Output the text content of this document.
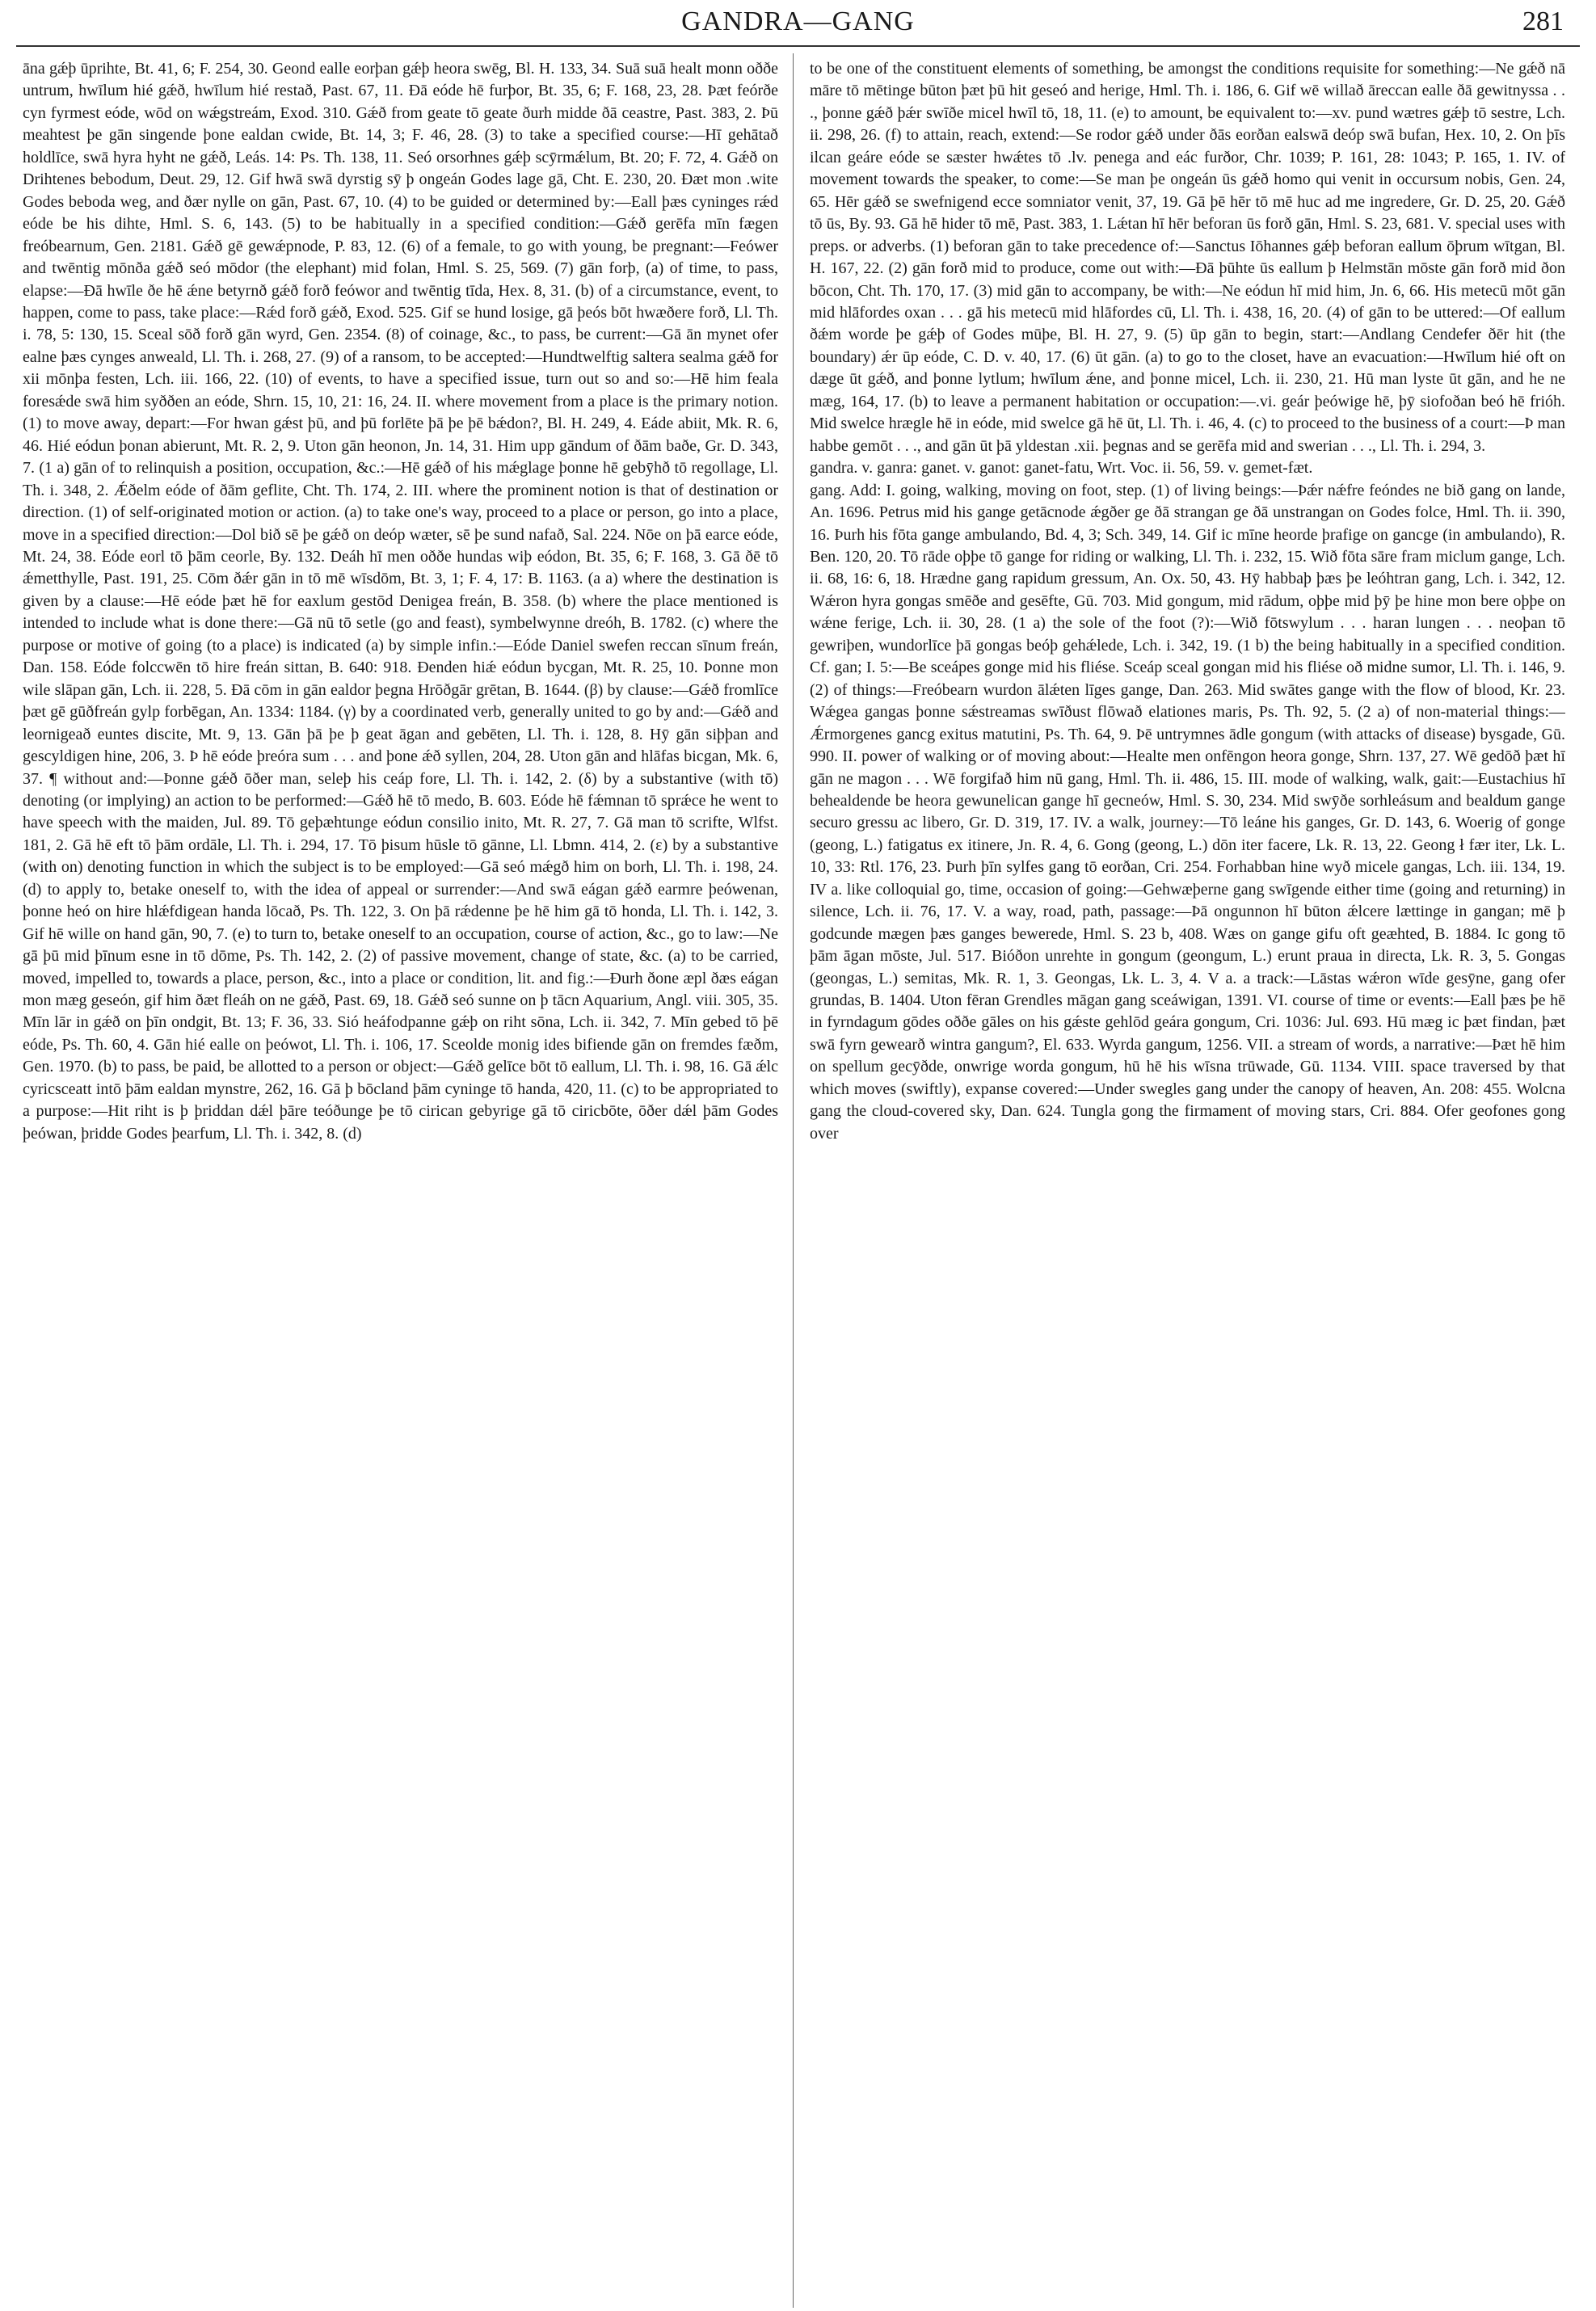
GANDRA—GANG	281

āna gǽþ ūprihte, Bt. 41, 6; F. 254, 30. Geond ealle eorþan gǽþ heora swēg, Bl. H. 133, 34. Suā suā healt monn oððe untrum, hwīlum hié gǽð, hwīlum hié restað, Past. 67, 11. Ðā eóde hē furþor, Bt. 35, 6; F. 168, 23, 28. Þæt feórðe cyn fyrmest eóde, wōd on wǽgstreám, Exod. 310. Gǽð from geate tō geate ðurh midde ðā ceastre, Past. 383, 2. Þū meahtest þe gān singende þone ealdan cwide, Bt. 14, 3; F. 46, 28. (3) to take a specified course:—Hī gehātað holdlīce, swā hyra hyht ne gǽð, Leás. 14: Ps. Th. 138, 11. Seó orsorhnes gǽþ scȳrmǽlum, Bt. 20; F. 72, 4. Gǽð on Drihtenes bebodum, Deut. 29, 12. Gif hwā swā dyrstig sȳ þ ongeán Godes lage gā, Cht. E. 230, 20. Ðæt mon .wite Godes beboda weg, and ðær nylle on gān, Past. 67, 10. (4) to be guided or determined by:—Eall þæs cyninges rǽd eóde be his dihte, Hml. S. 6, 143. (5) to be habitually in a specified condition:—Gǽð gerēfa mīn fægen freóbearnum, Gen. 2181. Gǽð gē gewǽpnode, P. 83, 12. (6) of a female, to go with young, be pregnant:—Feówer and twēntig mōnða gǽð seó mōdor (the elephant) mid folan, Hml. S. 25, 569. (7) gān forþ, (a) of time, to pass, elapse:—Ðā hwīle ðe hē ǽne betyrnð gǽð forð feówor and twēntig tīda, Hex. 8, 31. (b) of a circumstance, event, to happen, come to pass, take place:—Rǽd forð gǽð, Exod. 525. Gif se hund losige, gā þeós bōt hwæðere forð, Ll. Th. i. 78, 5: 130, 15. Sceal sōð forð gān wyrd, Gen. 2354. (8) of coinage, &c., to pass, be current:—Gā ān mynet ofer ealne þæs cynges anweald, Ll. Th. i. 268, 27. (9) of a ransom, to be accepted:—Hundtwelftig saltera sealma gǽð for xii mōnþa festen, Lch. iii. 166, 22. (10) of events, to have a specified issue, turn out so and so:—Hē him feala foresǽde swā him syððen an eóde, Shrn. 15, 10, 21: 16, 24. II. where movement from a place is the primary notion. (1) to move away, depart:—For hwan gǽst þū, and þū forlēte þā þe þē bǽdon?, Bl. H. 249, 4. Eáde abiit, Mk. R. 6, 46. Hié eódun þonan abierunt, Mt. R. 2, 9. Uton gān heonon, Jn. 14, 31. Him upp gāndum of ðām baðe, Gr. D. 343, 7. (1 a) gān of to relinquish a position, occupation, &c.:—Hē gǽð of his mǽglage þonne hē gebȳhð tō regollage, Ll. Th. i. 348, 2. Ǽðelm eóde of ðām geflite, Cht. Th. 174, 2. III. where the prominent notion is that of destination or direction. (1) of self-originated motion or action. (a) to take one's way, proceed to a place or person, go into a place, move in a specified direction:—Dol bið sē þe gǽð on deóp wæter, sē þe sund nafað, Sal. 224. Nōe on þā earce eóde, Mt. 24, 38. Eóde eorl tō þām ceorle, By. 132. Deáh hī men oððe hundas wiþ eódon, Bt. 35, 6; F. 168, 3. Gā ðē tō ǽmetthylle, Past. 191, 25. Cōm ðǽr gān in tō mē wīsdōm, Bt. 3, 1; F. 4, 17: B. 1163. (a a) where the destination is given by a clause:—Hē eóde þæt hē for eaxlum gestōd Denigea freán, B. 358. (b) where the place mentioned is intended to include what is done there:—Gā nū tō setle (go and feast), symbelwynne dreóh, B. 1782. (c) where the purpose or motive of going (to a place) is indicated (a) by simple infin.:—Eóde Daniel swefen reccan sīnum freán, Dan. 158. Eóde folccwēn tō hire freán sittan, B. 640: 918. Ðenden hiǽ eódun bycgan, Mt. R. 25, 10. Þonne mon wile slāpan gān, Lch. ii. 228, 5. Ðā cōm in gān ealdor þegna Hrōðgār grētan, B. 1644. (β) by clause:—Gǽð fromlīce þæt gē gūðfreán gylp forbēgan, An. 1334: 1184. (γ) by a coordinated verb, generally united to go by and:—Gǽð and leornigeað euntes discite, Mt. 9, 13. Gān þā þe þ geat āgan and gebēten, Ll. Th. i. 128, 8. Hȳ gān siþþan and gescyldigen hine, 206, 3. Þ hē eóde þreóra sum . . . and þone ǽð syllen, 204, 28. Uton gān and hlāfas bicgan, Mk. 6, 37. ¶ without and:—Þonne gǽð ōðer man, seleþ his ceáp fore, Ll. Th. i. 142, 2. (δ) by a substantive (with tō) denoting (or implying) an action to be performed:—Gǽð hē tō medo, B. 603. Eóde hē fǽmnan tō sprǽce he went to have speech with the maiden, Jul. 89. Tō geþæhtunge eódun consilio inito, Mt. R. 27, 7. Gā man tō scrifte, Wlfst. 181, 2. Gā hē eft tō þām ordāle, Ll. Th. i. 294, 17. Tō þisum hūsle tō gānne, Ll. Lbmn. 414, 2. (ε) by a substantive (with on) denoting function in which the subject is to be employed:—Gā seó mǽgð him on borh, Ll. Th. i. 198, 24. (d) to apply to, betake oneself to, with the idea of appeal or surrender:—And swā eágan gǽð earmre þeówenan, þonne heó on hire hlǽfdigean handa lōcað, Ps. Th. 122, 3. On þā rǽdenne þe hē him gā tō honda, Ll. Th. i. 142, 3. Gif hē wille on hand gān, 90, 7. (e) to turn to, betake oneself to an occupation, course of action, &c., go to law:—Ne gā þū mid þīnum esne in tō dōme, Ps. Th. 142, 2. (2) of passive movement, change of state, &c. (a) to be carried, moved, impelled to, towards a place, person, &c., into a place or condition, lit. and fig.:—Ðurh ðone æpl ðæs eágan mon mæg geseón, gif him ðæt fleáh on ne gǽð, Past. 69, 18. Gǽð seó sunne on þ tācn Aquarium, Angl. viii. 305, 35. Mīn lār in gǽð on þīn ondgit, Bt. 13; F. 36, 33. Sió heáfodpanne gǽþ on riht sōna, Lch. ii. 342, 7. Mīn gebed tō þē eóde, Ps. Th. 60, 4. Gān hié ealle on þeówot, Ll. Th. i. 106, 17. Sceolde monig ides bifiende gān on fremdes fæðm, Gen. 1970. (b) to pass, be paid, be allotted to a person or object:—Gǽð gelīce bōt tō eallum, Ll. Th. i. 98, 16. Gā ǽlc cyricsceatt intō þām ealdan mynstre, 262, 16. Gā þ bōcland þām cyninge tō handa, 420, 11. (c) to be appropriated to a purpose:—Hit riht is þ þriddan dǽl þāre teóðunge þe tō cirican gebyrige gā tō ciricbōte, ōðer dǽl þām Godes þeówan, þridde Godes þearfum, Ll. Th. i. 342, 8. (d)

to be one of the constituent elements of something, be amongst the conditions requisite for something:—Ne gǽð nā māre tō mētinge būton þæt þū hit geseó and herige, Hml. Th. i. 186, 6. Gif wē willað āreccan ealle ðā gewitnyssa . . ., þonne gǽð þǽr swīðe micel hwīl tō, 18, 11. (e) to amount, be equivalent to:—xv. pund wætres gǽþ tō sestre, Lch. ii. 298, 26. (f) to attain, reach, extend:—Se rodor gǽð under ðās eorðan ealswā deóp swā bufan, Hex. 10, 2. On þīs ilcan geáre eóde se sæster hwǽtes tō .lv. penega and eác furðor, Chr. 1039; P. 161, 28: 1043; P. 165, 1. IV. of movement towards the speaker, to come:—Se man þe ongeán ūs gǽð homo qui venit in occursum nobis, Gen. 24, 65. Hēr gǽð se swefnigend ecce somniator venit, 37, 19. Gā þē hēr tō mē huc ad me ingredere, Gr. D. 25, 20. Gǽð tō ūs, By. 93. Gā hē hider tō mē, Past. 383, 1. Lǽtan hī hēr beforan ūs forð gān, Hml. S. 23, 681. V. special uses with preps. or adverbs. (1) beforan gān to take precedence of:—Sanctus Iōhannes gǽþ beforan eallum ōþrum wītgan, Bl. H. 167, 22. (2) gān forð mid to produce, come out with:—Ðā þūhte ūs eallum þ Helmstān mōste gān forð mid ðon bōcon, Cht. Th. 170, 17. (3) mid gān to accompany, be with:—Ne eódun hī mid him, Jn. 6, 66. His metecū mōt gān mid hlāfordes oxan . . . gā his metecū mid hlāfordes cū, Ll. Th. i. 438, 16, 20. (4) of gān to be uttered:—Of eallum ðǽm worde þe gǽþ of Godes mūþe, Bl. H. 27, 9. (5) ūp gān to begin, start:—Andlang Cendefer ðēr hit (the boundary) ǽr ūp eóde, C. D. v. 40, 17. (6) ūt gān. (a) to go to the closet, have an evacuation:—Hwīlum hié oft on dæge ūt gǽð, and þonne lytlum; hwīlum ǽne, and þonne micel, Lch. ii. 230, 21. Hū man lyste ūt gān, and he ne mæg, 164, 17. (b) to leave a permanent habitation or occupation:—.vi. geár þeówige hē, þȳ siofoðan beó hē frióh. Mid swelce hrægle hē in eóde, mid swelce gā hē ūt, Ll. Th. i. 46, 4. (c) to proceed to the business of a court:—Þ man habbe gemōt . . ., and gān ūt þā yldestan .xii. þegnas and se gerēfa mid and swerian . . ., Ll. Th. i. 294, 3.

gandra. v. ganra: ganet. v. ganot: ganet-fatu, Wrt. Voc. ii. 56, 59. v. gemet-fæt.

gang. Add: I. going, walking, moving on foot, step. (1) of living beings:—Þǽr nǽfre feóndes ne bið gang on lande, An. 1696. Petrus mid his gange getācnode ǽgðer ge ðā strangan ge ðā unstrangan on Godes folce, Hml. Th. ii. 390, 16. Þurh his fōta gange ambulando, Bd. 4, 3; Sch. 349, 14. Gif ic mīne heorde þrafige on gancge (in ambulando), R. Ben. 120, 20. Tō rāde oþþe tō gange for riding or walking, Ll. Th. i. 232, 15. Wið fōta sāre fram miclum gange, Lch. ii. 68, 16: 6, 18. Hrædne gang rapidum gressum, An. Ox. 50, 43. Hȳ habbaþ þæs þe leóhtran gang, Lch. i. 342, 12. Wǽron hyra gongas smēðe and gesēfte, Gū. 703. Mid gongum, mid rādum, oþþe mid þȳ þe hine mon bere oþþe on wǽne ferige, Lch. ii. 30, 28. (1 a) the sole of the foot (?):—Wið fōtswylum . . . haran lungen . . . neoþan tō gewriþen, wundorlīce þā gongas beóþ gehǽlede, Lch. i. 342, 19. (1 b) the being habitually in a specified condition. Cf. gan; I. 5:—Be sceápes gonge mid his fliése. Sceáp sceal gongan mid his fliése oð midne sumor, Ll. Th. i. 146, 9. (2) of things:—Freóbearn wurdon ālǽten līges gange, Dan. 263. Mid swātes gange with the flow of blood, Kr. 23. Wǽgea gangas þonne sǽstreamas swīðust flōwað elationes maris, Ps. Th. 92, 5. (2 a) of non-material things:—Ǽrmorgenes gancg exitus matutini, Ps. Th. 64, 9. Þē untrymnes ādle gongum (with attacks of disease) bysgade, Gū. 990. II. power of walking or of moving about:—Healte men onfēngon heora gonge, Shrn. 137, 27. Wē gedōð þæt hī gān ne magon . . . Wē forgifað him nū gang, Hml. Th. ii. 486, 15. III. mode of walking, walk, gait:—Eustachius hī behealdende be heora gewunelican gange hī gecneów, Hml. S. 30, 234. Mid swȳðe sorhleásum and bealdum gange securo gressu ac libero, Gr. D. 319, 17. IV. a walk, journey:—Tō leáne his ganges, Gr. D. 143, 6. Woerig of gonge (geong, L.) fatigatus ex itinere, Jn. R. 4, 6. Gong (geong, L.) dōn iter facere, Lk. R. 13, 22. Geong ł fær iter, Lk. L. 10, 33: Rtl. 176, 23. Þurh þīn sylfes gang tō eorðan, Cri. 254. Forhabban hine wyð micele gangas, Lch. iii. 134, 19. IV a. like colloquial go, time, occasion of going:—Gehwæþerne gang swīgende either time (going and returning) in silence, Lch. ii. 76, 17. V. a way, road, path, passage:—Þā ongunnon hī būton ǽlcere lættinge in gangan; mē þ godcunde mægen þæs ganges bewerede, Hml. S. 23 b, 408. Wæs on gange gifu oft geæhted, B. 1884. Ic gong tō þām āgan mōste, Jul. 517. Bióðon unrehte in gongum (geongum, L.) erunt praua in directa, Lk. R. 3, 5. Gongas (geongas, L.) semitas, Mk. R. 1, 3. Geongas, Lk. L. 3, 4. V a. a track:—Lāstas wǽron wīde gesȳne, gang ofer grundas, B. 1404. Uton fēran Grendles māgan gang sceáwigan, 1391. VI. course of time or events:—Eall þæs þe hē in fyrndagum gōdes oððe gāles on his gǽste gehlōd geára gongum, Cri. 1036: Jul. 693. Hū mæg ic þæt findan, þæt swā fyrn gewearð wintra gangum?, El. 633. Wyrda gangum, 1256. VII. a stream of words, a narrative:—Þæt hē him on spellum gecȳðde, onwrige worda gongum, hū hē his wīsna trūwade, Gū. 1134. VIII. space traversed by that which moves (swiftly), expanse covered:—Under swegles gang under the canopy of heaven, An. 208: 455. Wolcna gang the cloud-covered sky, Dan. 624. Tungla gong the firmament of moving stars, Cri. 884. Ofer geofones gong over
